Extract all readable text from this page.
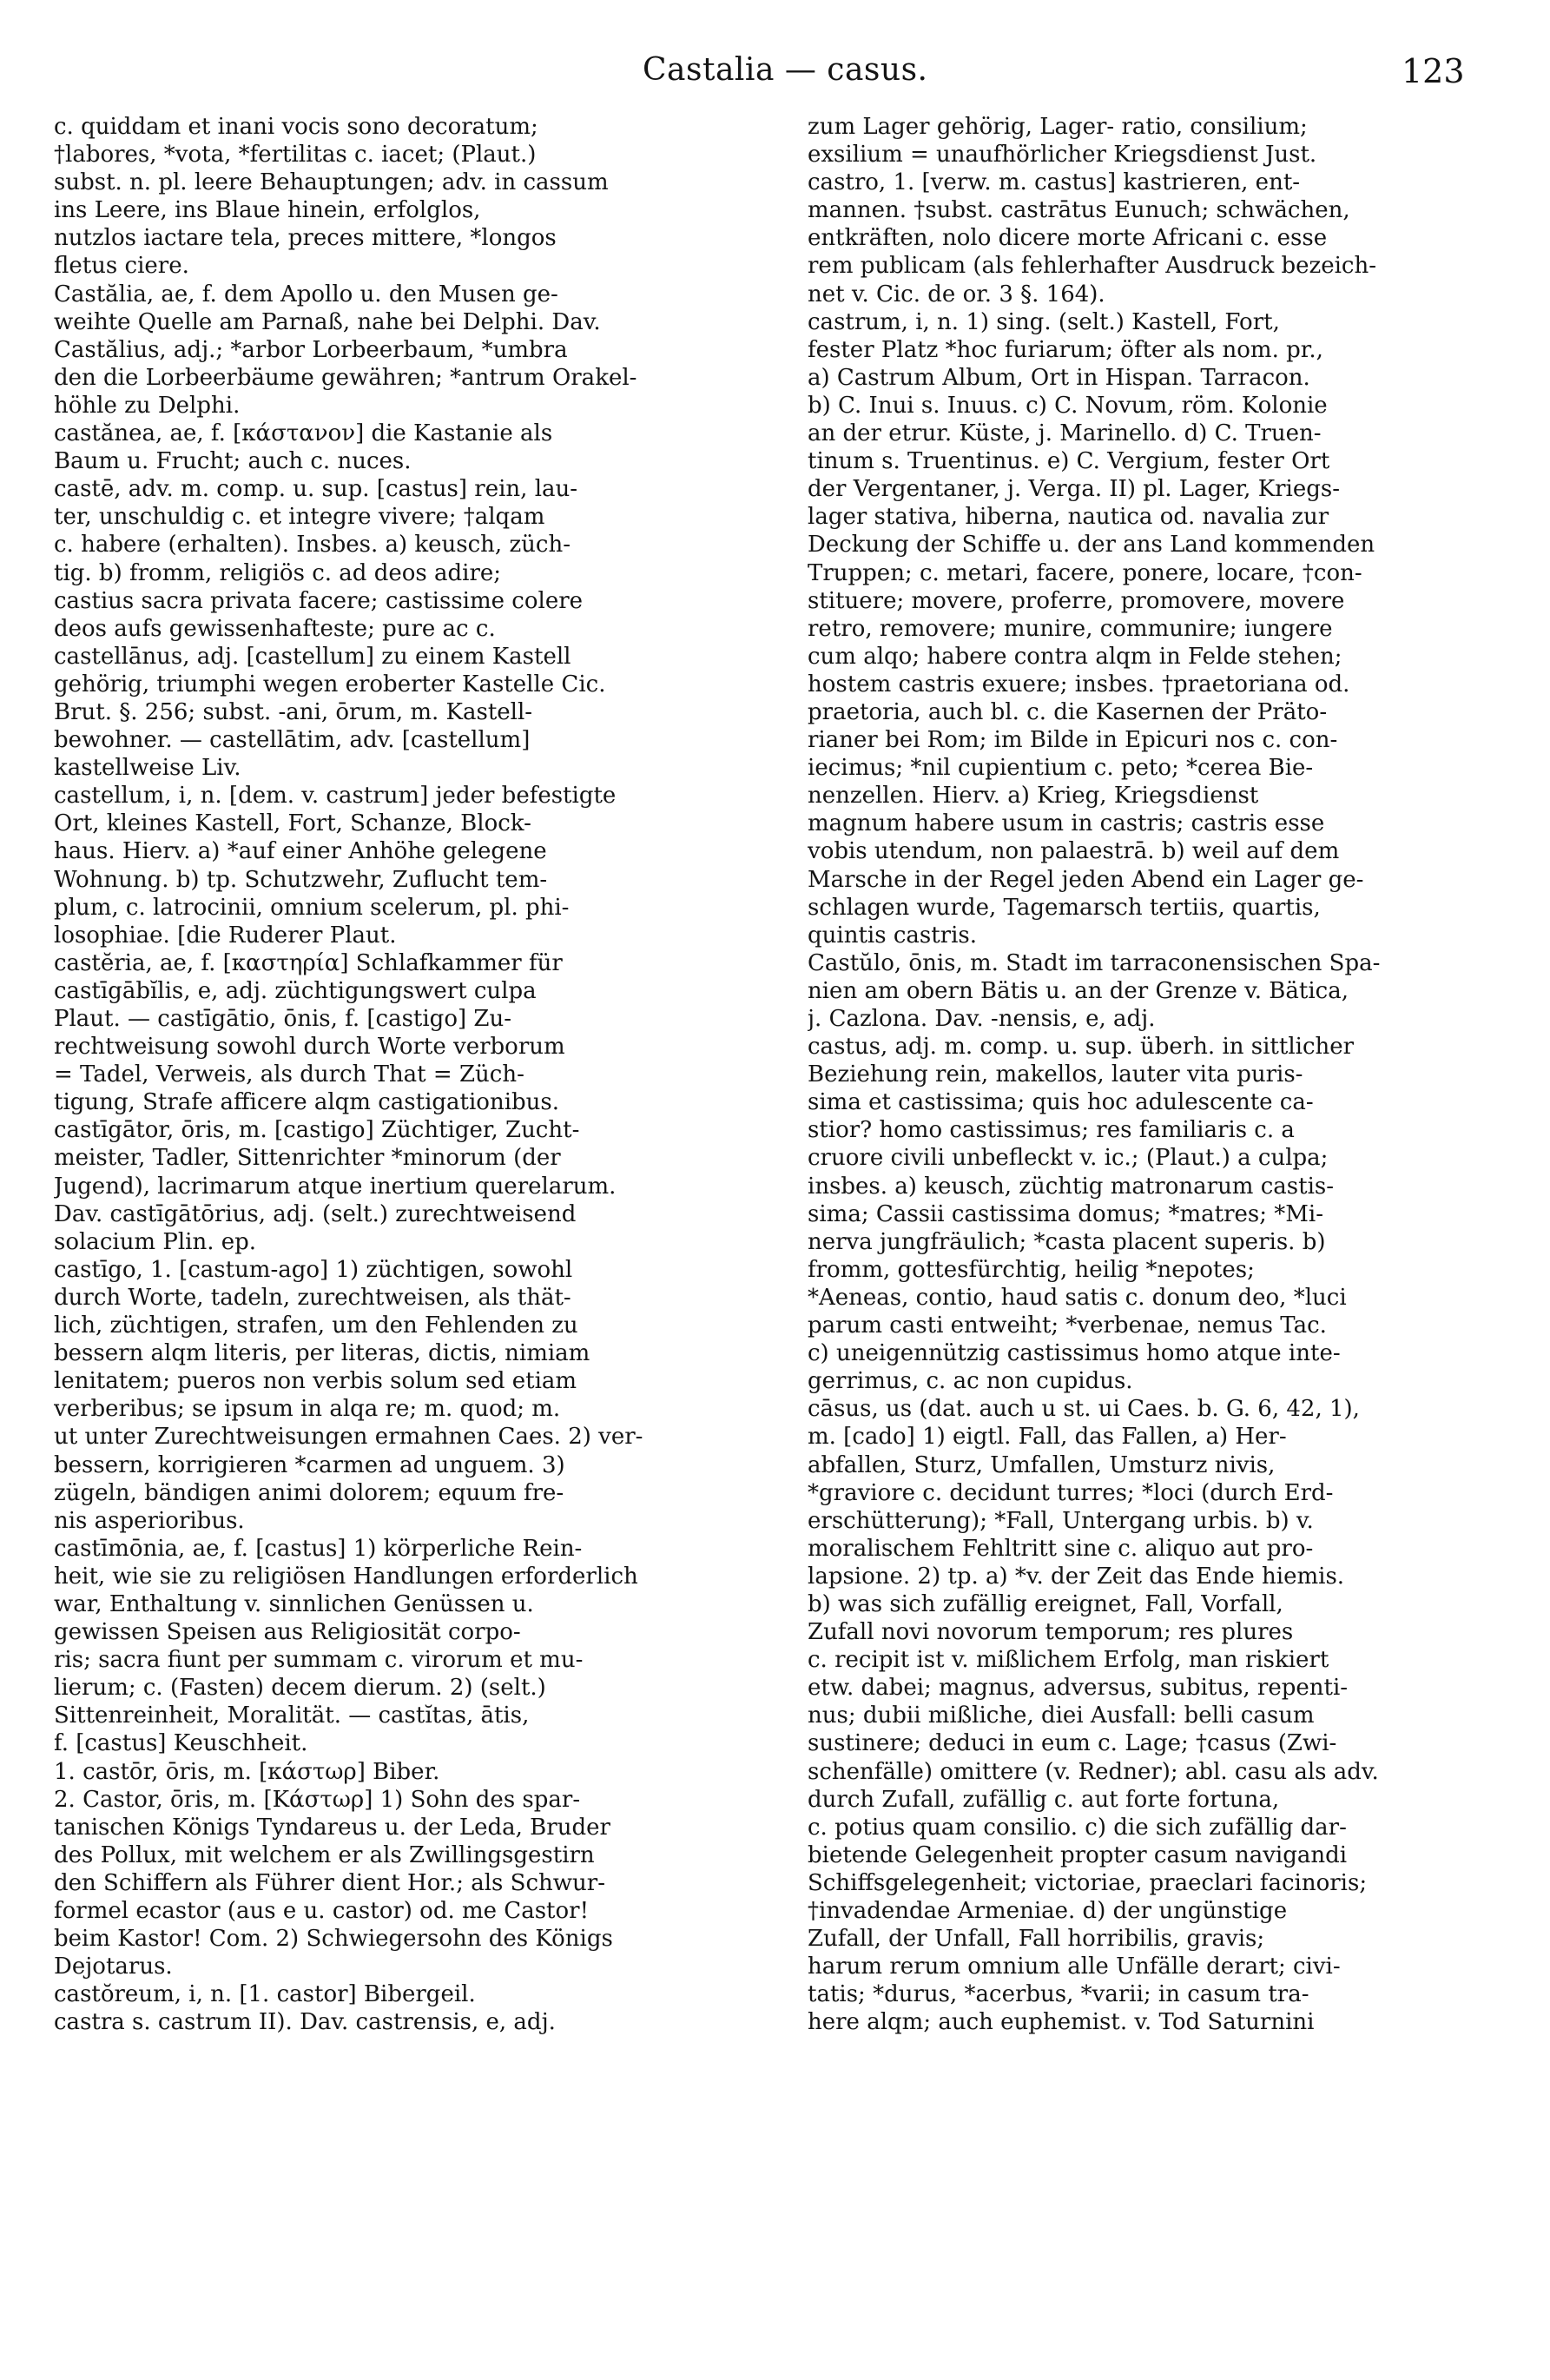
Castalia — casus.	123
c. quiddam et inani vocis sono decoratum;
†labores, *vota, *fertilitas c. iacet; (Plaut.)
subst. n. pl. leere Behauptungen; adv. in cassum
ins Leere, ins Blaue hinein, erfolglos,
nutzlos iactare tela, preces mittere, *longos
fletus ciere.
Castălia, ae, f. dem Apollo u. den Musen ge-
weihte Quelle am Parnaß, nahe bei Delphi. Dav.
Castălius, adj.; *arbor Lorbeerbaum, *umbra
den die Lorbeerbäume gewähren; *antrum Orakel-
höhle zu Delphi.
castănea, ae, f. [κάστανον] die Kastanie als
Baum u. Frucht; auch c. nuces.
castē, adv. m. comp. u. sup. [castus] rein, lau-
ter, unschuldig c. et integre vivere; †alqam
c. habere (erhalten). Insbes. a) keusch, züch-
tig. b) fromm, religiös c. ad deos adire;
castius sacra privata facere; castissime colere
deos aufs gewissenhafteste; pure ac c.
castellānus, adj. [castellum] zu einem Kastell
gehörig, triumphi wegen eroberter Kastelle Cic.
Brut. §. 256; subst. -ani, ōrum, m. Kastell-
bewohner. — castellātim, adv. [castellum]
kastellweise Liv.
castellum, i, n. [dem. v. castrum] jeder befestigte
Ort, kleines Kastell, Fort, Schanze, Block-
haus. Hierv. a) *auf einer Anhöhe gelegene
Wohnung. b) tp. Schutzwehr, Zuflucht tem-
plum, c. latrocinii, omnium scelerum, pl. phi-
losophiae. [die Ruderer Plaut.
castĕria, ae, f. [καστηρία] Schlafkammer für
castīgābĭlis, e, adj. züchtigungswert culpa
Plaut. — castīgātio, ōnis, f. [castigo] Zu-
rechtweisung sowohl durch Worte verborum
= Tadel, Verweis, als durch That = Züch-
tigung, Strafe afficere alqm castigationibus.
castīgātor, ōris, m. [castigo] Züchtiger, Zucht-
meister, Tadler, Sittenrichter *minorum (der
Jugend), lacrimarum atque inertium querelarum.
Dav. castīgātōrius, adj. (selt.) zurechtweisend
solacium Plin. ep.
castīgo, 1. [castum-ago] 1) züchtigen, sowohl
durch Worte, tadeln, zurechtweisen, als thät-
lich, züchtigen, strafen, um den Fehlenden zu
bessern alqm literis, per literas, dictis, nimiam
lenitatem; pueros non verbis solum sed etiam
verberibus; se ipsum in alqa re; m. quod; m.
ut unter Zurechtweisungen ermahnen Caes. 2) ver-
bessern, korrigieren *carmen ad unguem. 3)
zügeln, bändigen animi dolorem; equum fre-
nis asperioribus.
castīmōnia, ae, f. [castus] 1) körperliche Rein-
heit, wie sie zu religiösen Handlungen erforderlich
war, Enthaltung v. sinnlichen Genüssen u.
gewissen Speisen aus Religiosität corpo-
ris; sacra fiunt per summam c. virorum et mu-
lierum; c. (Fasten) decem dierum. 2) (selt.)
Sittenreinheit, Moralität. — castĭtas, ātis,
f. [castus] Keuschheit.
1. castōr, ōris, m. [κάστωρ] Biber.
2. Castor, ōris, m. [Κάστωρ] 1) Sohn des spar-
tanischen Königs Tyndareus u. der Leda, Bruder
des Pollux, mit welchem er als Zwillingsgestirn
den Schiffern als Führer dient Hor.; als Schwur-
formel ecastor (aus e u. castor) od. me Castor!
beim Kastor! Com. 2) Schwiegersohn des Königs
Dejotarus.
castŏreum, i, n. [1. castor] Bibergeil.
castra s. castrum II). Dav. castrensis, e, adj.
zum Lager gehörig, Lager- ratio, consilium;
exsilium = unaufhörlicher Kriegsdienst Just.
castro, 1. [verw. m. castus] kastrieren, ent-
mannen. †subst. castrātus Eunuch; schwächen,
entkräften, nolo dicere morte Africani c. esse
rem publicam (als fehlerhafter Ausdruck bezeich-
net v. Cic. de or. 3 §. 164).
castrum, i, n. 1) sing. (selt.) Kastell, Fort,
fester Platz *hoc furiarum; öfter als nom. pr.,
a) Castrum Album, Ort in Hispan. Tarracon.
b) C. Inui s. Inuus. c) C. Novum, röm. Kolonie
an der etrur. Küste, j. Marinello. d) C. Truen-
tinum s. Truentinus. e) C. Vergium, fester Ort
der Vergentaner, j. Verga. II) pl. Lager, Kriegs-
lager stativa, hiberna, nautica od. navalia zur
Deckung der Schiffe u. der ans Land kommenden
Truppen; c. metari, facere, ponere, locare, †con-
stituere; movere, proferre, promovere, movere
retro, removere; munire, communire; iungere
cum alqo; habere contra alqm in Felde stehen;
hostem castris exuere; insbes. †praetoriana od.
praetoria, auch bl. c. die Kasernen der Präto-
rianer bei Rom; im Bilde in Epicuri nos c. con-
iecimus; *nil cupientium c. peto; *cerea Bie-
nenzellen. Hierv. a) Krieg, Kriegsdienst
magnum habere usum in castris; castris esse
vobis utendum, non palaestrā. b) weil auf dem
Marsche in der Regel jeden Abend ein Lager ge-
schlagen wurde, Tagemarsch tertiis, quartis,
quintis castris.
Castŭlo, ōnis, m. Stadt im tarraconensischen Spa-
nien am obern Bätis u. an der Grenze v. Bätica,
j. Cazlona. Dav. -nensis, e, adj.
castus, adj. m. comp. u. sup. überh. in sittlicher
Beziehung rein, makellos, lauter vita puris-
sima et castissima; quis hoc adulescente ca-
stior? homo castissimus; res familiaris c. a
cruore civili unbefleckt v. ic.; (Plaut.) a culpa;
insbes. a) keusch, züchtig matronarum castis-
sima; Cassii castissima domus; *matres; *Mi-
nerva jungfräulich; *casta placent superis. b)
fromm, gottesfürchtig, heilig *nepotes;
*Aeneas, contio, haud satis c. donum deo, *luci
parum casti entweiht; *verbenae, nemus Tac.
c) uneigennützig castissimus homo atque inte-
gerrimus, c. ac non cupidus.
cāsus, us (dat. auch u st. ui Caes. b. G. 6, 42, 1),
m. [cado] 1) eigtl. Fall, das Fallen, a) Her-
abfallen, Sturz, Umfallen, Umsturz nivis,
*graviore c. decidunt turres; *loci (durch Erd-
erschütterung); *Fall, Untergang urbis. b) v.
moralischem Fehltritt sine c. aliquo aut pro-
lapsione. 2) tp. a) *v. der Zeit das Ende hiemis.
b) was sich zufällig ereignet, Fall, Vorfall,
Zufall novi novorum temporum; res plures
c. recipit ist v. mißlichem Erfolg, man riskiert
etw. dabei; magnus, adversus, subitus, repenti-
nus; dubii mißliche, diei Ausfall: belli casum
sustinere; deduci in eum c. Lage; †casus (Zwi-
schenfälle) omittere (v. Redner); abl. casu als adv.
durch Zufall, zufällig c. aut forte fortuna,
c. potius quam consilio. c) die sich zufällig dar-
bietende Gelegenheit propter casum navigandi
Schiffsgelegenheit; victoriae, praeclari facinoris;
†invadendae Armeniae. d) der ungünstige
Zufall, der Unfall, Fall horribilis, gravis;
harum rerum omnium alle Unfälle derart; civi-
tatis; *durus, *acerbus, *varii; in casum tra-
here alqm; auch euphemist. v. Tod Saturnini
